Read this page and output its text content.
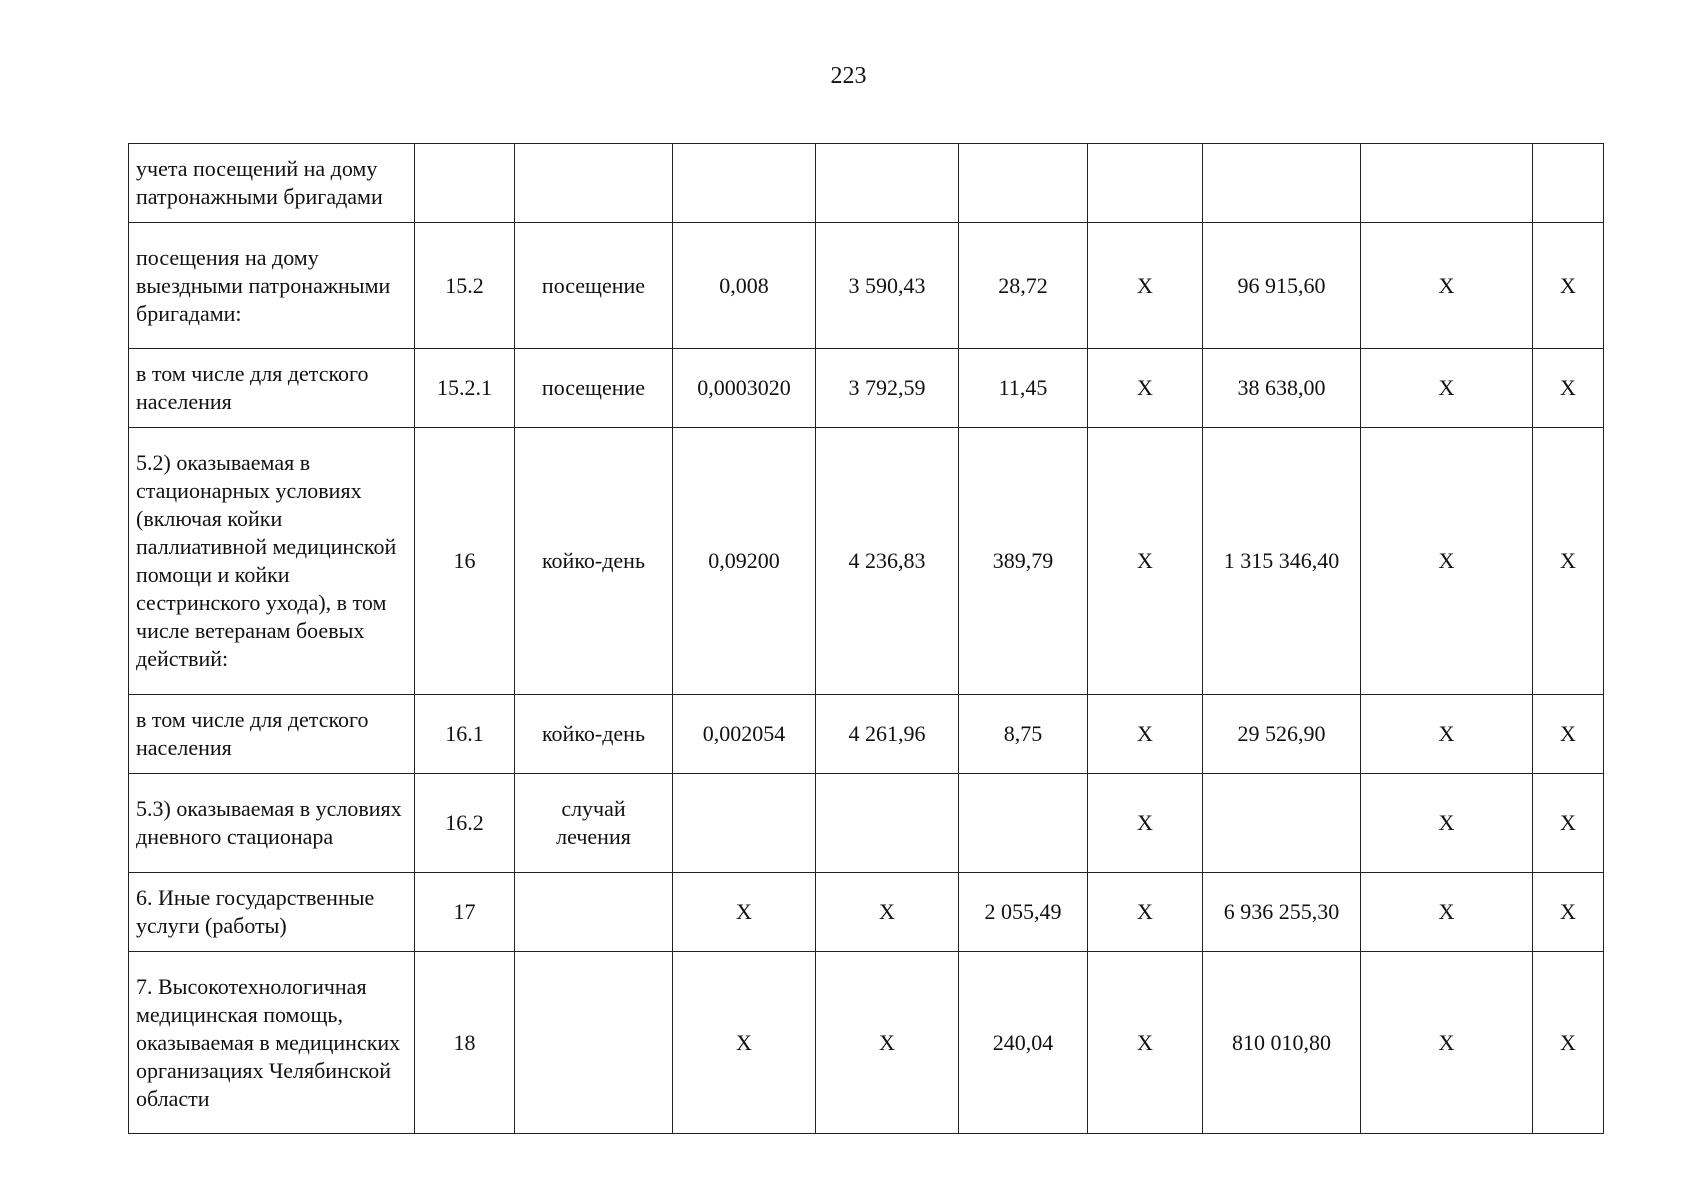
223
учета посещений на дому патронажными бригадами									
посещения на дому выездными патронажными бригадами:	15.2	посещение	0,008	3 590,43	28,72	X	96 915,60	X	X
в том числе для детского населения	15.2.1	посещение	0,0003020	3 792,59	11,45	X	38 638,00	X	X
5.2) оказываемая в стационарных условиях (включая койки паллиативной медицинской помощи и койки сестринского ухода), в том числе ветеранам боевых действий:	16	койко-день	0,09200	4 236,83	389,79	X	1 315 346,40	X	X
в том числе для детского населения	16.1	койко-день	0,002054	4 261,96	8,75	X	29 526,90	X	X
5.3) оказываемая в условиях дневного стационара	16.2	случай лечения				X		X	X
6. Иные государственные услуги (работы)	17		X	X	2 055,49	X	6 936 255,30	X	X
7. Высокотехнологичная медицинская помощь, оказываемая в медицинских организациях Челябинской области	18		X	X	240,04	X	810 010,80	X	X
